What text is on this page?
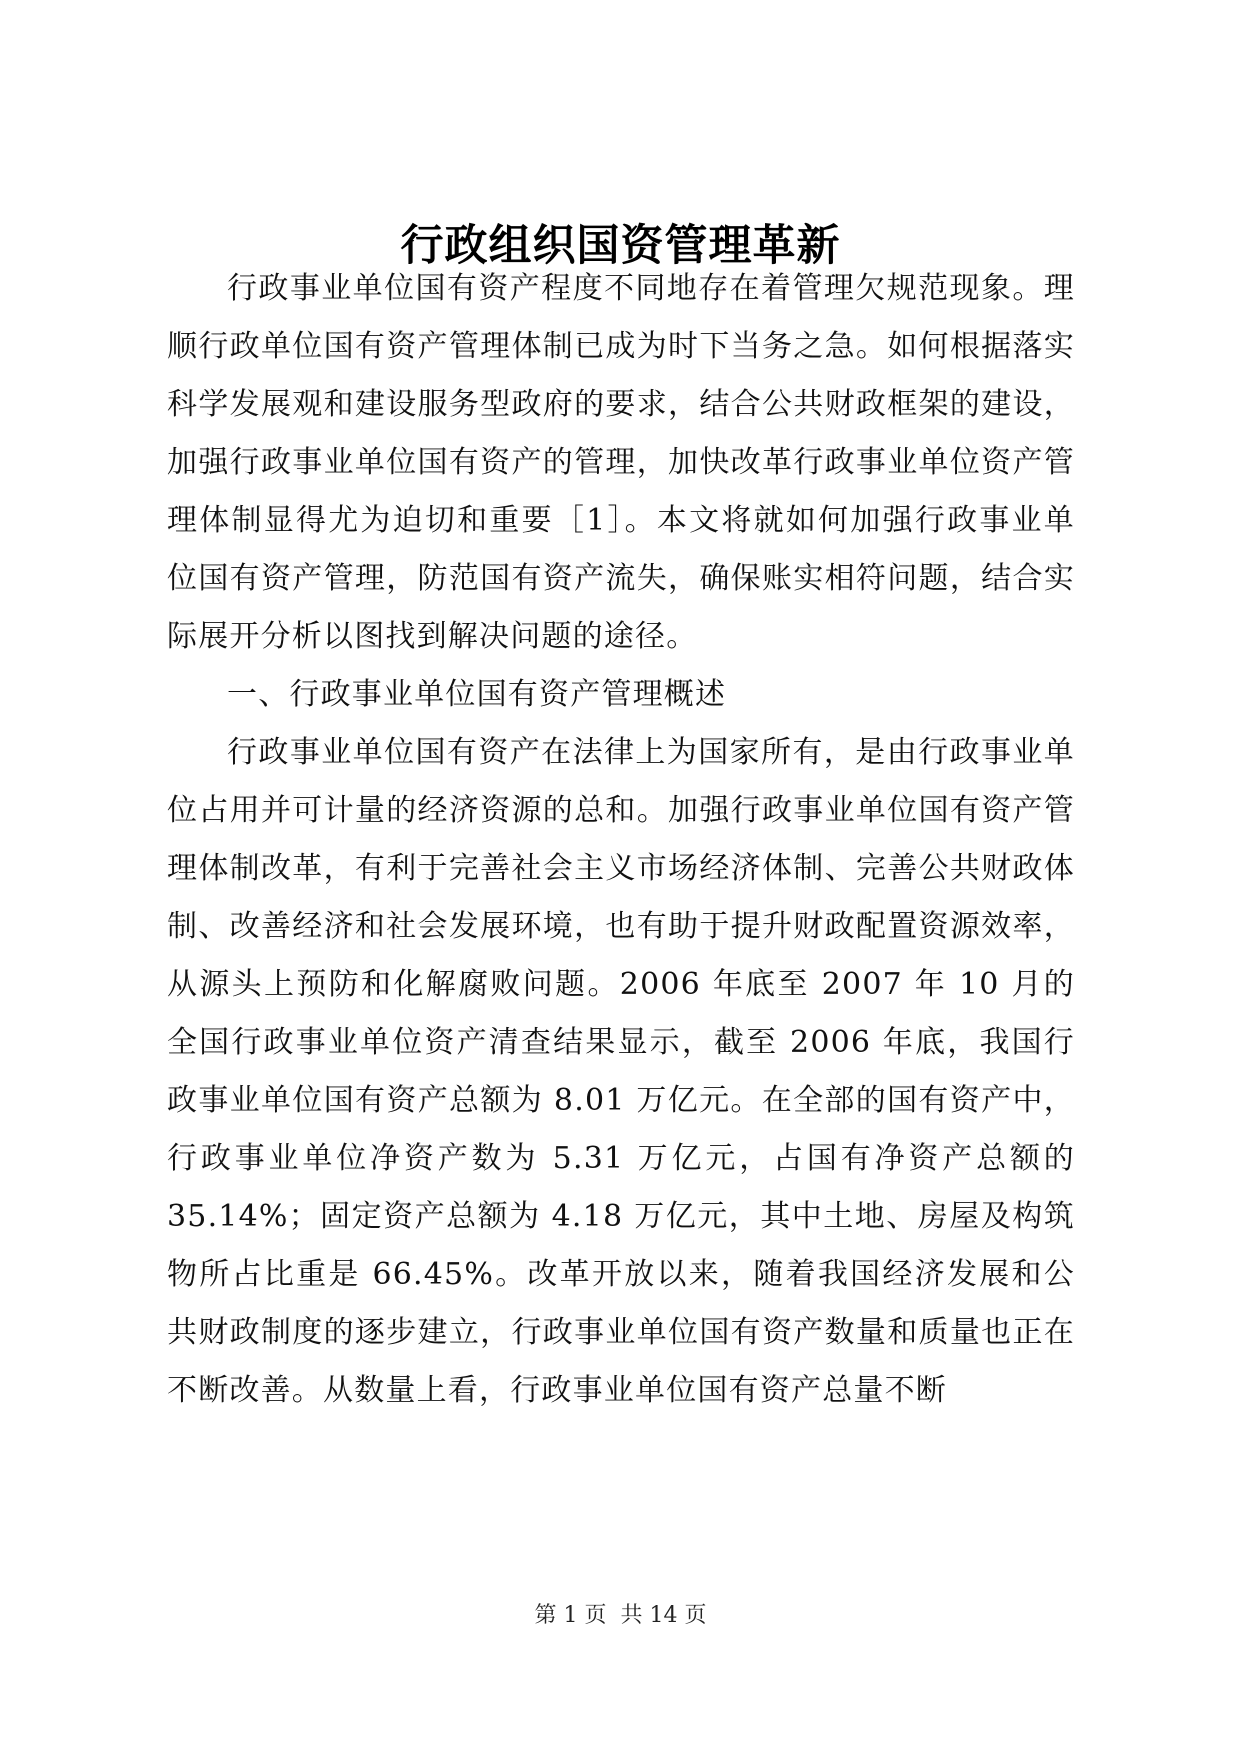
行政组织国资管理革新

行政事业单位国有资产程度不同地存在着管理欠规范现象。理顺行政单位国有资产管理体制已成为时下当务之急。如何根据落实科学发展观和建设服务型政府的要求，结合公共财政框架的建设，加强行政事业单位国有资产的管理，加快改革行政事业单位资产管理体制显得尤为迫切和重要［1］。本文将就如何加强行政事业单位国有资产管理，防范国有资产流失，确保账实相符问题，结合实际展开分析以图找到解决问题的途径。

一、行政事业单位国有资产管理概述

行政事业单位国有资产在法律上为国家所有，是由行政事业单位占用并可计量的经济资源的总和。加强行政事业单位国有资产管理体制改革，有利于完善社会主义市场经济体制、完善公共财政体制、改善经济和社会发展环境，也有助于提升财政配置资源效率，从源头上预防和化解腐败问题。2006 年底至 2007 年 10 月的全国行政事业单位资产清查结果显示，截至 2006 年底，我国行政事业单位国有资产总额为 8.01 万亿元。在全部的国有资产中，行政事业单位净资产数为 5.31 万亿元，占国有净资产总额的 35.14%；固定资产总额为 4.18 万亿元，其中土地、房屋及构筑物所占比重是 66.45%。改革开放以来，随着我国经济发展和公共财政制度的逐步建立，行政事业单位国有资产数量和质量也正在不断改善。从数量上看，行政事业单位国有资产总量不断

第 1 页 共 14 页
